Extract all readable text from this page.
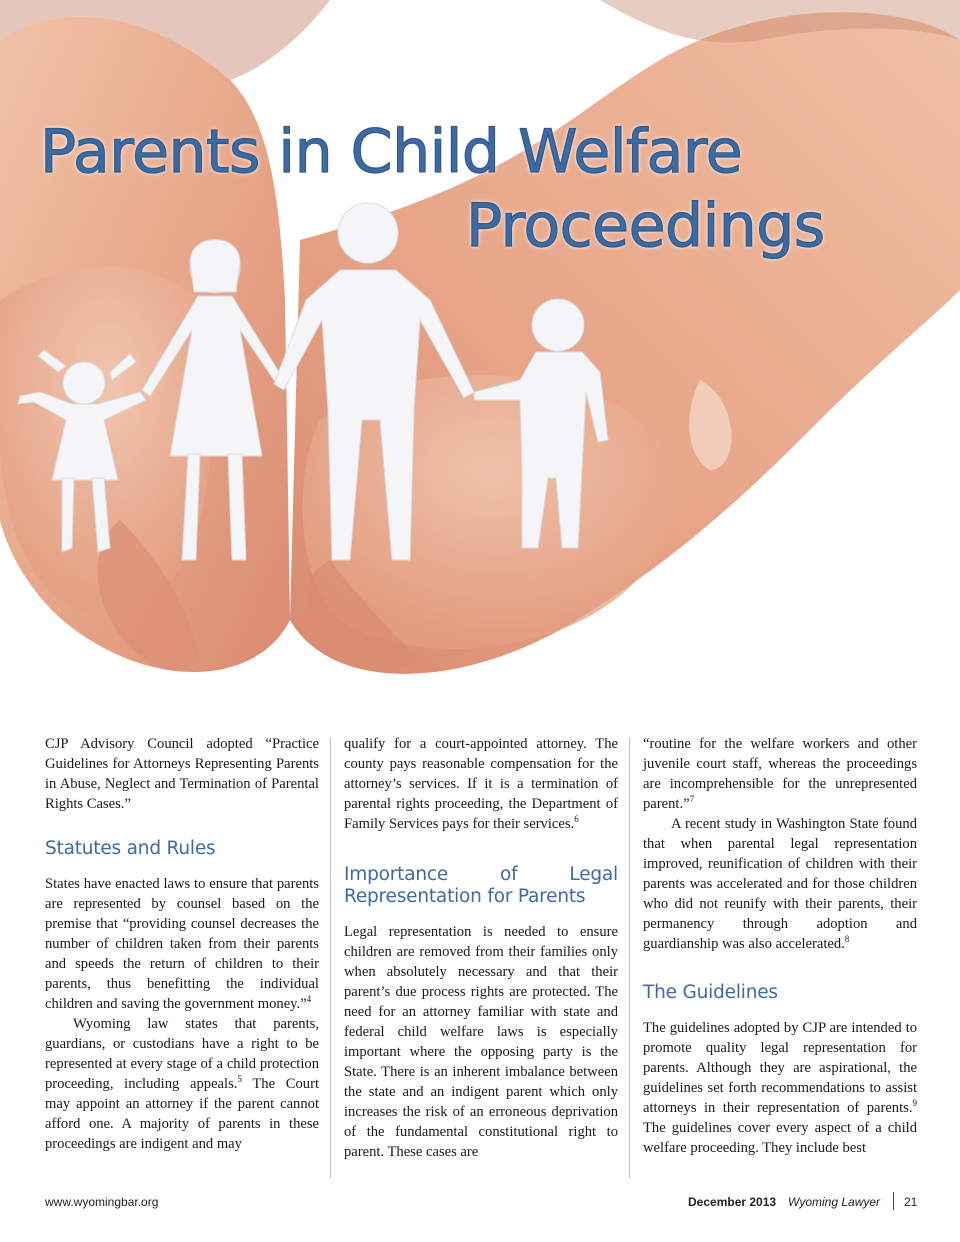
Parents in Child Welfare
Proceedings

CJP Advisory Council adopted “Practice Guidelines for Attorneys Representing Parents in Abuse, Neglect and Termination of Parental Rights Cases.”

Statutes and Rules

States have enacted laws to ensure that parents are represented by counsel based on the premise that “providing counsel decreases the number of children taken from their parents and speeds the return of children to their parents, thus benefitting the individual children and saving the government money.”$^4$

Wyoming law states that parents, guardians, or custodians have a right to be represented at every stage of a child protection proceeding, including appeals.$^5$ The Court may appoint an attorney if the parent cannot afford one. A majority of parents in these proceedings are indigent and may

qualify for a court-appointed attorney. The county pays reasonable compensation for the attorney’s services. If it is a termination of parental rights proceeding, the Department of Family Services pays for their services.$^6$

Importance of Legal Representation for Parents

Legal representation is needed to ensure children are removed from their families only when absolutely necessary and that their parent’s due process rights are protected. The need for an attorney familiar with state and federal child welfare laws is especially important where the opposing party is the State. There is an inherent imbalance between the state and an indigent parent which only increases the risk of an erroneous deprivation of the fundamental constitutional right to parent. These cases are

“routine for the welfare workers and other juvenile court staff, whereas the proceedings are incomprehensible for the unrepresented parent.”$^7$

A recent study in Washington State found that when parental legal representation improved, reunification of children with their parents was accelerated and for those children who did not reunify with their parents, their permanency through adoption and guardianship was also accelerated.$^8$

The Guidelines

The guidelines adopted by CJP are intended to promote quality legal representation for parents. Although they are aspirational, the guidelines set forth recommendations to assist attorneys in their representation of parents.$^9$ The guidelines cover every aspect of a child welfare proceeding. They include best

www.wyomingbar.org	December 2013 Wyoming Lawyer 21
